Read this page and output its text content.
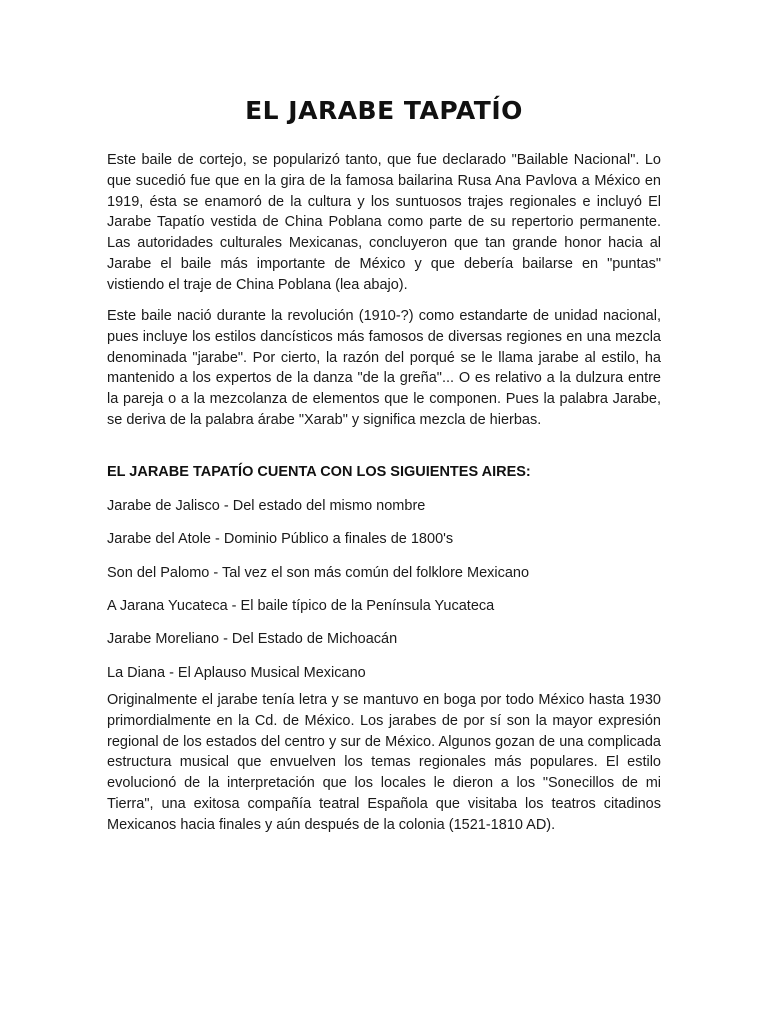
EL JARABE TAPATÍO

Este baile de cortejo, se popularizó tanto, que fue declarado "Bailable Nacional". Lo que sucedió fue que en la gira de la famosa bailarina Rusa Ana Pavlova a México en 1919, ésta se enamoró de la cultura y los suntuosos trajes regionales e incluyó El Jarabe Tapatío vestida de China Poblana como parte de su repertorio permanente. Las autoridades culturales Mexicanas, concluyeron que tan grande honor hacia al Jarabe el baile más importante de México y que debería bailarse en "puntas" vistiendo el traje de China Poblana (lea abajo).

Este baile nació durante la revolución (1910-?) como estandarte de unidad nacional, pues incluye los estilos dancísticos más famosos de diversas regiones en una mezcla denominada "jarabe". Por cierto, la razón del porqué se le llama jarabe al estilo, ha mantenido a los expertos de la danza "de la greña"... O es relativo a la dulzura entre la pareja o a la mezcolanza de elementos que le componen. Pues la palabra Jarabe, se deriva de la palabra árabe "Xarab" y significa mezcla de hierbas.

EL JARABE TAPATÍO CUENTA CON LOS SIGUIENTES AIRES:

Jarabe de Jalisco - Del estado del mismo nombre

Jarabe del Atole - Dominio Público a finales de 1800's

Son del Palomo - Tal vez el son más común del folklore Mexicano

A Jarana Yucateca - El baile típico de la Península Yucateca

Jarabe Moreliano - Del Estado de Michoacán

La Diana - El Aplauso Musical Mexicano

Originalmente el jarabe tenía letra y se mantuvo en boga por todo México hasta 1930 primordialmente en la Cd. de México. Los jarabes de por sí son la mayor expresión regional de los estados del centro y sur de México. Algunos gozan de una complicada estructura musical que envuelven los temas regionales más populares. El estilo evolucionó de la interpretación que los locales le dieron a los "Sonecillos de mi Tierra", una exitosa compañía teatral Española que visitaba los teatros citadinos Mexicanos hacia finales y aún después de la colonia (1521-1810 AD).
